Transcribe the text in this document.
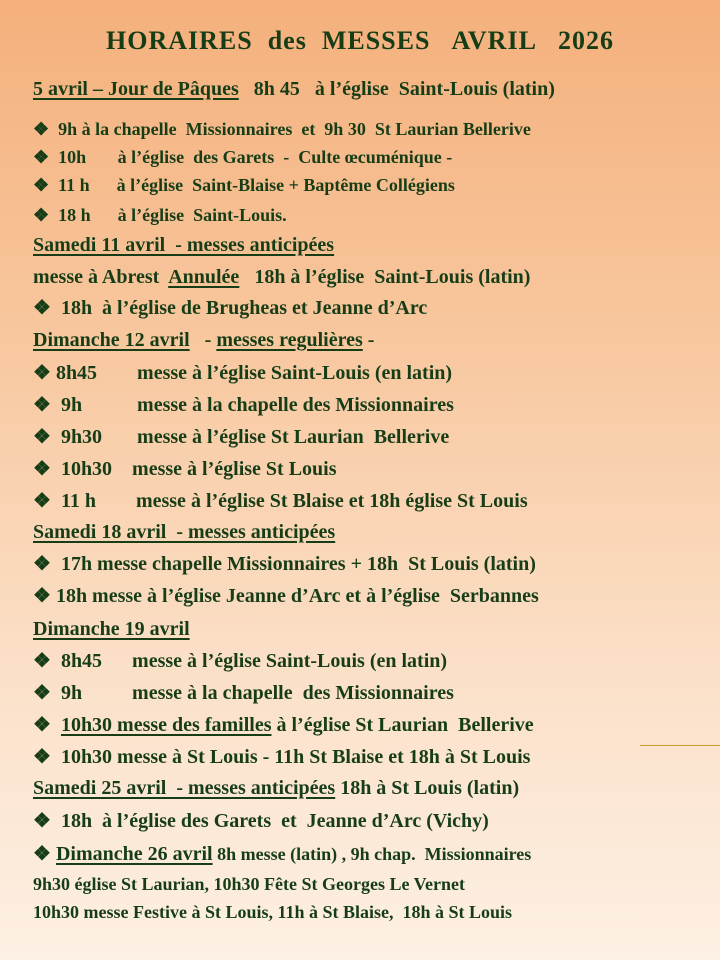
HORAIRES  des  MESSES   AVRIL   2026
5 avril – Jour de Pâques   8h 45   à l’église  Saint-Louis (latin)
❖  9h à la chapelle  Missionnaires  et  9h 30  St Laurian Bellerive
❖  10h       à l’église  des Garets  -  Culte œcuménique -
❖  11 h      à l’église  Saint-Blaise + Baptême Collégiens
❖  18 h      à l’église  Saint-Louis.
Samedi 11 avril  - messes anticipées
messe à Abrest  Annulée   18h à l’église  Saint-Louis (latin)
❖  18h  à l’église de Brugheas et Jeanne d’Arc
Dimanche 12 avril   - messes regulières -
❖ 8h45        messe à l’église Saint-Louis (en latin)
❖  9h           messe à la chapelle des Missionnaires
❖  9h30       messe à l’église St Laurian  Bellerive
❖  10h30    messe à l’église St Louis
❖  11 h        messe à l’église St Blaise et 18h église St Louis
Samedi 18 avril  - messes anticipées
❖  17h messe chapelle Missionnaires + 18h  St Louis (latin)
❖ 18h messe à l’église Jeanne d’Arc et à l’église  Serbannes
Dimanche 19 avril
❖  8h45      messe à l’église Saint-Louis (en latin)
❖  9h          messe à la chapelle  des Missionnaires
❖ 10h30 messe des familles à l’église St Laurian  Bellerive
❖  10h30 messe à St Louis - 11h St Blaise et 18h à St Louis
Samedi 25 avril  - messes anticipées 18h à St Louis (latin)
❖  18h  à l’église des Garets  et  Jeanne d’Arc (Vichy)
❖ Dimanche 26 avril 8h messe (latin) , 9h chap.  Missionnaires
9h30 église St Laurian, 10h30 Fête St Georges Le Vernet
10h30 messe Festive à St Louis, 11h à St Blaise,  18h à St Louis
